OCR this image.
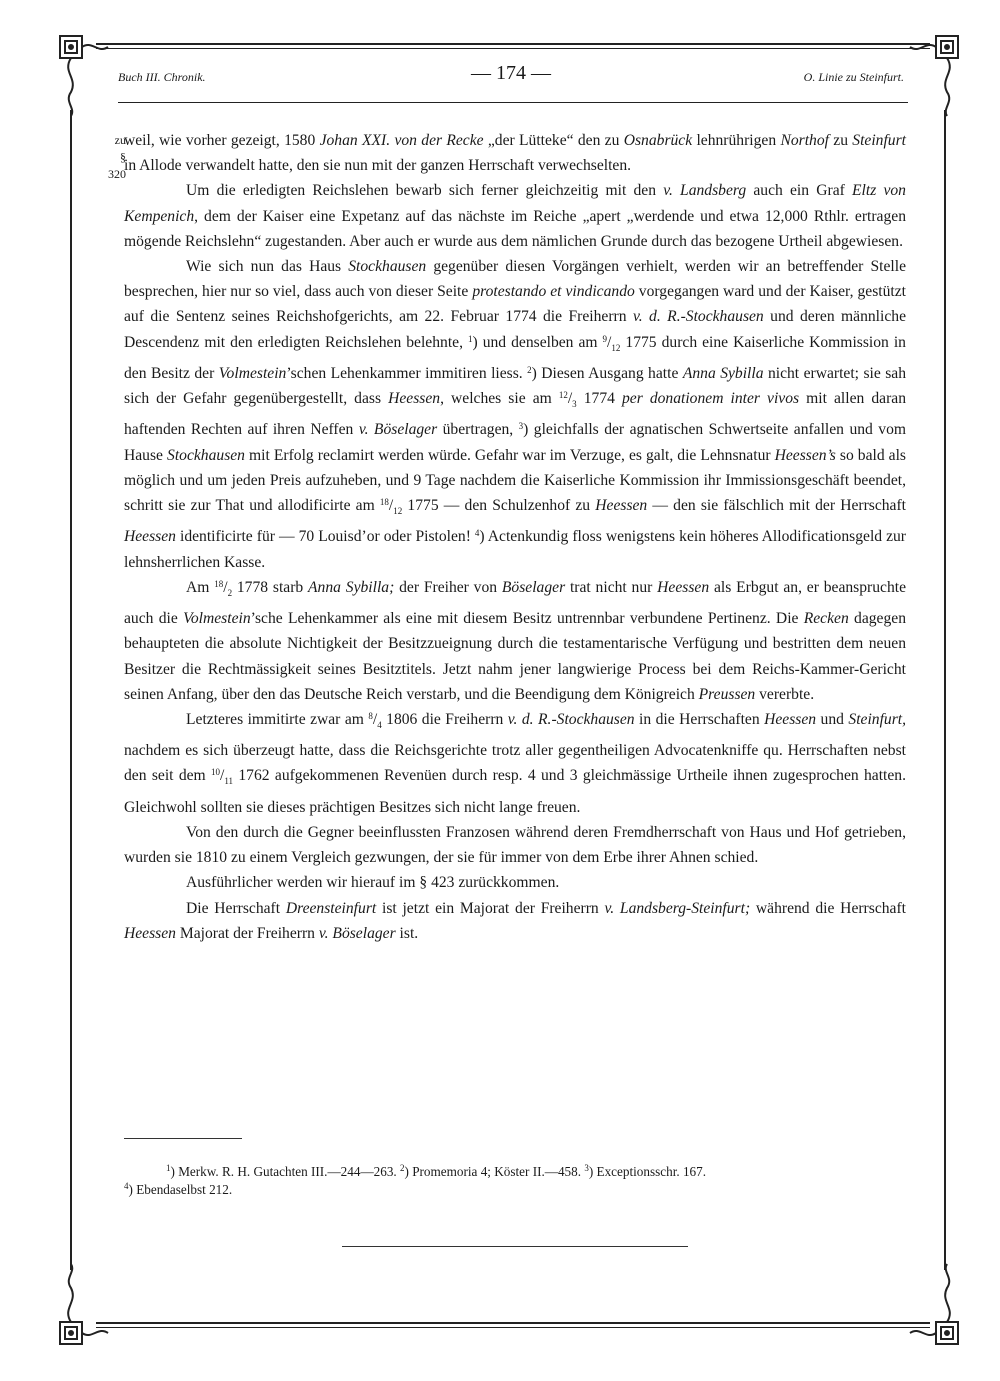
Buch III. Chronik.	— 174 —	O. Linie zu Steinfurt.
zu
§ 320

weil, wie vorher gezeigt, 1580 Johan XXI. von der Recke „der Lütteke“ den zu Osnabrück lehnrührigen Northof zu Steinfurt in Allode verwandelt hatte, den sie nun mit der ganzen Herrschaft verwechselten.

Um die erledigten Reichslehen bewarb sich ferner gleichzeitig mit den v. Landsberg auch ein Graf Eltz von Kempenich, dem der Kaiser eine Expetanz auf das nächste im Reiche „apert „werdende und etwa 12,000 Rthlr. ertragen mögende Reichslehn“ zugestanden. Aber auch er wurde aus dem nämlichen Grunde durch das bezogene Urtheil abgewiesen.

Wie sich nun das Haus Stockhausen gegenüber diesen Vorgängen verhielt, werden wir an betreffender Stelle besprechen, hier nur so viel, dass auch von dieser Seite protestando et vindicando vorgegangen ward und der Kaiser, gestützt auf die Sentenz seines Reichshofgerichts, am 22. Februar 1774 die Freiherrn v. d. R.-Stockhausen und deren männliche Descendenz mit den erledigten Reichslehen belehnte, $^1$) und denselben am $^9/_{12}$ 1775 durch eine Kaiserliche Kommission in den Besitz der Volmestein’schen Lehenkammer immitiren liess. $^2$) Diesen Ausgang hatte Anna Sybilla nicht erwartet; sie sah sich der Gefahr gegenübergestellt, dass Heessen, welches sie am $^{12}/_3$ 1774 per donationem inter vivos mit allen daran haftenden Rechten auf ihren Neffen v. Böselager übertragen, $^3$) gleichfalls der agnatischen Schwertseite anfallen und vom Hause Stockhausen mit Erfolg reclamirt werden würde. Gefahr war im Verzuge, es galt, die Lehnsnatur Heessen’s so bald als möglich und um jeden Preis aufzuheben, und 9 Tage nachdem die Kaiserliche Kommission ihr Immissionsgeschäft beendet, schritt sie zur That und allodificirte am $^{18}/_{12}$ 1775 — den Schulzenhof zu Heessen — den sie fälschlich mit der Herrschaft Heessen identificirte für — 70 Louisd’or oder Pistolen! $^4$) Actenkundig floss wenigstens kein höheres Allodificationsgeld zur lehnsherrlichen Kasse.

Am $^{18}/_2$ 1778 starb Anna Sybilla; der Freiher von Böselager trat nicht nur Heessen als Erbgut an, er beanspruchte auch die Volmestein’sche Lehenkammer als eine mit diesem Besitz untrennbar verbundene Pertinenz. Die Recken dagegen behaupteten die absolute Nichtigkeit der Besitzzueignung durch die testamentarische Verfügung und bestritten dem neuen Besitzer die Rechtmässigkeit seines Besitztitels. Jetzt nahm jener langwierige Process bei dem Reichs-Kammer-Gericht seinen Anfang, über den das Deutsche Reich verstarb, und die Beendigung dem Königreich Preussen vererbte.

Letzteres immitirte zwar am $^8/_4$ 1806 die Freiherrn v. d. R.-Stockhausen in die Herrschaften Heessen und Steinfurt, nachdem es sich überzeugt hatte, dass die Reichsgerichte trotz aller gegentheiligen Advocatenkniffe qu. Herrschaften nebst den seit dem $^{10}/_{11}$ 1762 aufgekommenen Revenüen durch resp. 4 und 3 gleichmässige Urtheile ihnen zugesprochen hatten. Gleichwohl sollten sie dieses prächtigen Besitzes sich nicht lange freuen.

Von den durch die Gegner beeinflussten Franzosen während deren Fremdherrschaft von Haus und Hof getrieben, wurden sie 1810 zu einem Vergleich gezwungen, der sie für immer von dem Erbe ihrer Ahnen schied.

Ausführlicher werden wir hierauf im § 423 zurückkommen.

Die Herrschaft Dreensteinfurt ist jetzt ein Majorat der Freiherrn v. Landsberg-Steinfurt; während die Herrschaft Heessen Majorat der Freiherrn v. Böselager ist.

$^1$) Merkw. R. H. Gutachten III.—244—263. $^2$) Promemoria 4; Köster II.—458. $^3$) Exceptionsschr. 167.

$^4$) Ebendaselbst 212.
